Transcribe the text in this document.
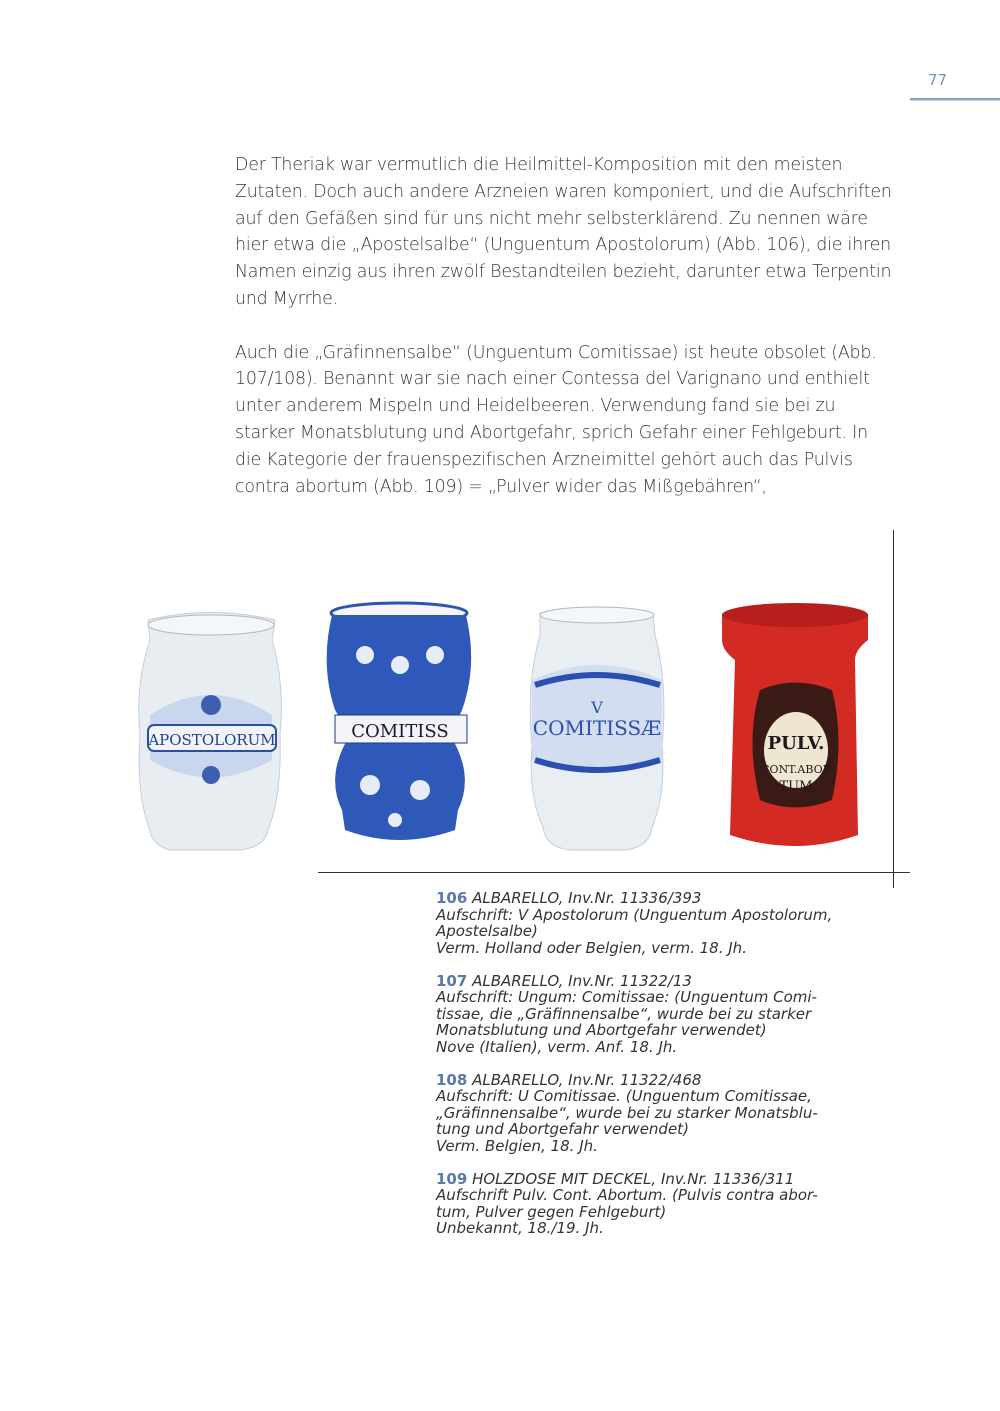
77

Der Theriak war vermutlich die Heilmittel-Komposition mit den meisten Zutaten. Doch auch andere Arzneien waren komponiert, und die Aufschriften auf den Gefäßen sind für uns nicht mehr selbsterklärend. Zu nennen wäre hier etwa die „Apostelsalbe“ (Unguentum Apostolorum) (Abb. 106), die ihren Namen einzig aus ihren zwölf Bestandteilen bezieht, darunter etwa Terpentin und Myrrhe.

Auch die „Gräfinnensalbe“ (Unguentum Comitissae) ist heute obsolet (Abb. 107/108). Benannt war sie nach einer Contessa del Varignano und enthielt unter anderem Mispeln und Heidelbeeren. Verwendung fand sie bei zu starker Monatsblutung und Abortgefahr, sprich Gefahr einer Fehlgeburt. In die Kategorie der frauenspezifischen Arzneimittel gehört auch das Pulvis contra abortum (Abb. 109) = „Pulver wider das Mißgebähren“,

APOSTOLORUM	COMITISS
V
COMITISSÆ
PULV.
CONT.ABOR
TUM
106 ALBARELLO, Inv.Nr. 11336/393
Aufschrift: V Apostolorum (Unguentum Apostolorum,
Apostelsalbe)
Verm. Holland oder Belgien, verm. 18. Jh.
107 ALBARELLO, Inv.Nr. 11322/13
Aufschrift: Ungum: Comitissae: (Unguentum Comi-
tissae, die „Gräfinnensalbe“, wurde bei zu starker
Monatsblutung und Abortgefahr verwendet)
Nove (Italien), verm. Anf. 18. Jh.
108 ALBARELLO, Inv.Nr. 11322/468
Aufschrift: U Comitissae. (Unguentum Comitissae,
„Gräfinnensalbe“, wurde bei zu starker Monatsblu-
tung und Abortgefahr verwendet)
Verm. Belgien, 18. Jh.
109 HOLZDOSE MIT DECKEL, Inv.Nr. 11336/311
Aufschrift Pulv. Cont. Abortum. (Pulvis contra abor-
tum, Pulver gegen Fehlgeburt)
Unbekannt, 18./19. Jh.
